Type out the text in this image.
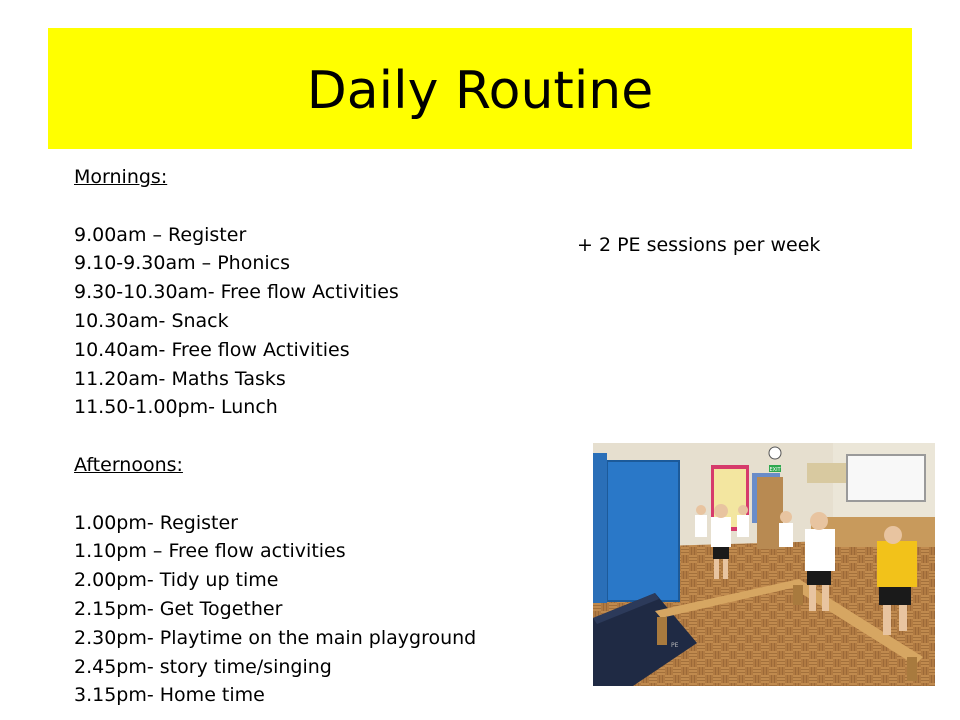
Daily Routine
Mornings:
9.00am – Register
9.10-9.30am – Phonics
9.30-10.30am- Free flow Activities
10.30am- Snack
10.40am- Free flow Activities
11.20am- Maths Tasks
11.50-1.00pm- Lunch
Afternoons:
1.00pm- Register
1.10pm – Free flow activities
2.00pm- Tidy up time
2.15pm- Get Together
2.30pm- Playtime on the main playground
2.45pm- story time/singing
3.15pm- Home time
+ 2 PE sessions per week
EXIT
PE
